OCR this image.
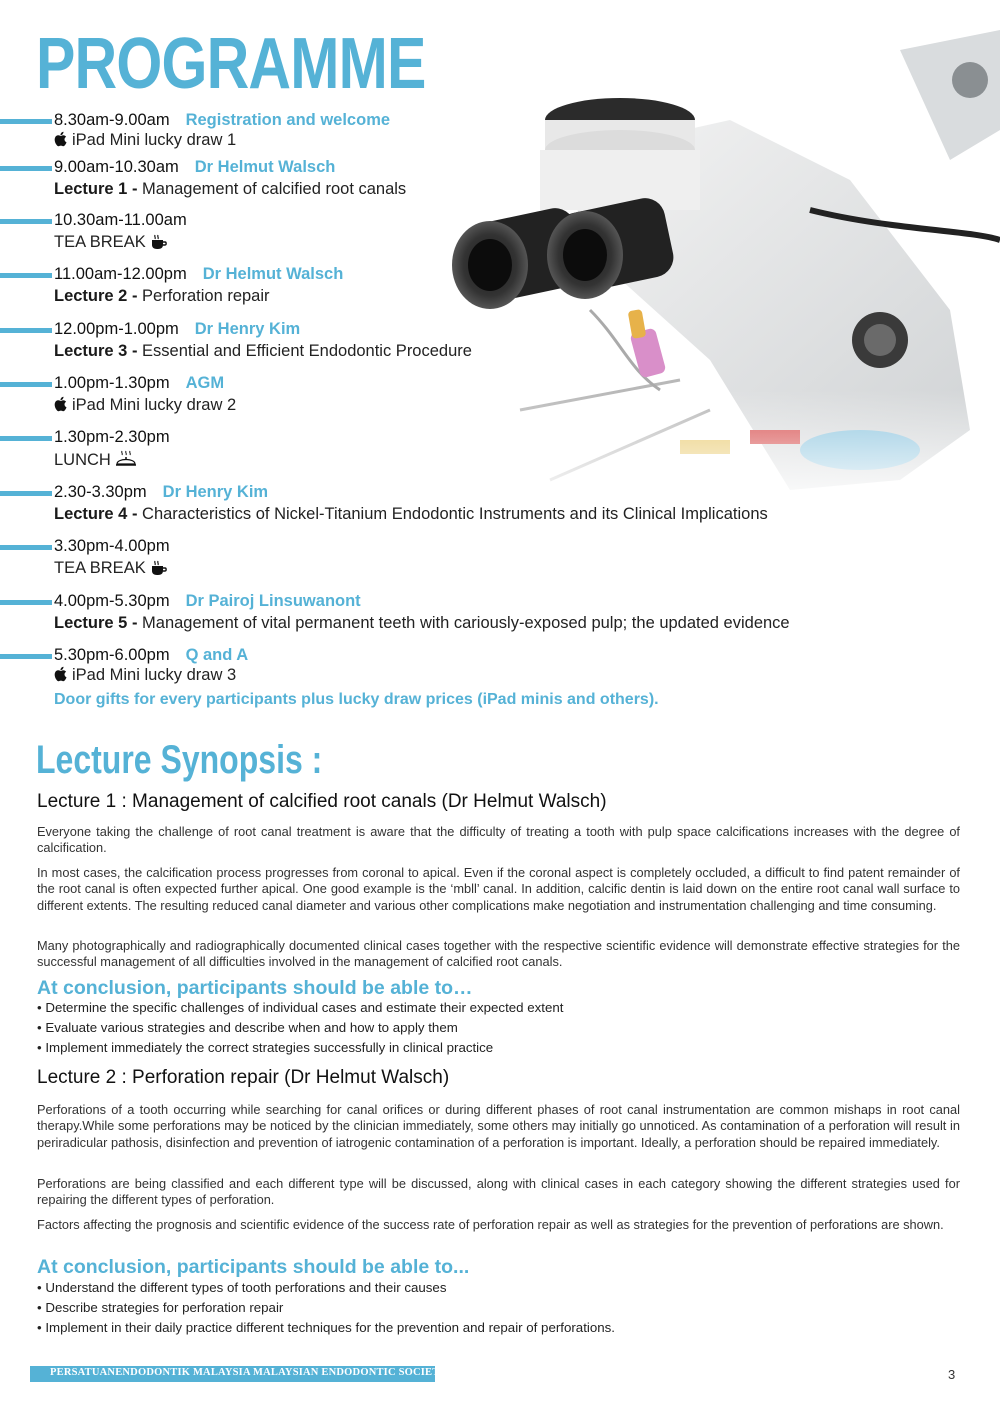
PROGRAMME
8.30am-9.00am Registration and welcome
iPad Mini lucky draw 1
9.00am-10.30am Dr Helmut Walsch
Lecture 1 - Management of calcified root canals
10.30am-11.00am
TEA BREAK
11.00am-12.00pm Dr Helmut Walsch
Lecture 2 - Perforation repair
12.00pm-1.00pm Dr Henry Kim
Lecture 3 - Essential and Efficient Endodontic Procedure
1.00pm-1.30pm AGM
iPad Mini lucky draw 2
1.30pm-2.30pm
LUNCH
2.30-3.30pm Dr Henry Kim
Lecture 4 - Characteristics of Nickel-Titanium Endodontic Instruments and its Clinical Implications
3.30pm-4.00pm
TEA BREAK
4.00pm-5.30pm Dr Pairoj Linsuwanont
Lecture 5 - Management of vital permanent teeth with cariously-exposed pulp; the updated evidence
5.30pm-6.00pm Q and A
iPad Mini lucky draw 3
Door gifts for every participants plus lucky draw prices (iPad minis and others).
Lecture Synopsis :
Lecture 1 : Management of calcified root canals (Dr Helmut Walsch)
Everyone taking the challenge of root canal treatment is aware that the difficulty of treating a tooth with pulp space calcifications increases with the degree of calcification.
In most cases, the calcification process progresses from coronal to apical. Even if the coronal aspect is completely occluded, a difficult to find patent remainder of the root canal is often expected further apical. One good example is the ‘mbll’ canal. In addition, calcific dentin is laid down on the entire root canal wall surface to different extents. The resulting reduced canal diameter and various other complications make negotiation and instrumentation challenging and time consuming.
Many photographically and radiographically documented clinical cases together with the respective scientific evidence will demonstrate effective strategies for the successful management of all difficulties involved in the management of calcified root canals.
At conclusion, participants should be able to…
• Determine the specific challenges of individual cases and estimate their expected extent
• Evaluate various strategies and describe when and how to apply them
• Implement immediately the correct strategies successfully in clinical practice
Lecture 2 : Perforation repair (Dr Helmut Walsch)
Perforations of a tooth occurring while searching for canal orifices or during different phases of root canal instrumentation are common mishaps in root canal therapy.While some perforations may be noticed by the clinician immediately, some others may initially go unnoticed. As contamination of a perforation will result in periradicular pathosis, disinfection and prevention of iatrogenic contamination of a perforation is important. Ideally, a perforation should be repaired immediately.
Perforations are being classified and each different type will be discussed, along with clinical cases in each category showing the different strategies used for repairing the different types of perforation.
Factors affecting the prognosis and scientific evidence of the success rate of perforation repair as well as strategies for the prevention of perforations are shown.
At conclusion, participants should be able to...
• Understand the different types of tooth perforations and their causes
• Describe strategies for perforation repair
• Implement in their daily practice different techniques for the prevention and repair of perforations.
PERSATUANENDODONTIK MALAYSIA MALAYSIAN ENDODONTIC SOCIETY	3
